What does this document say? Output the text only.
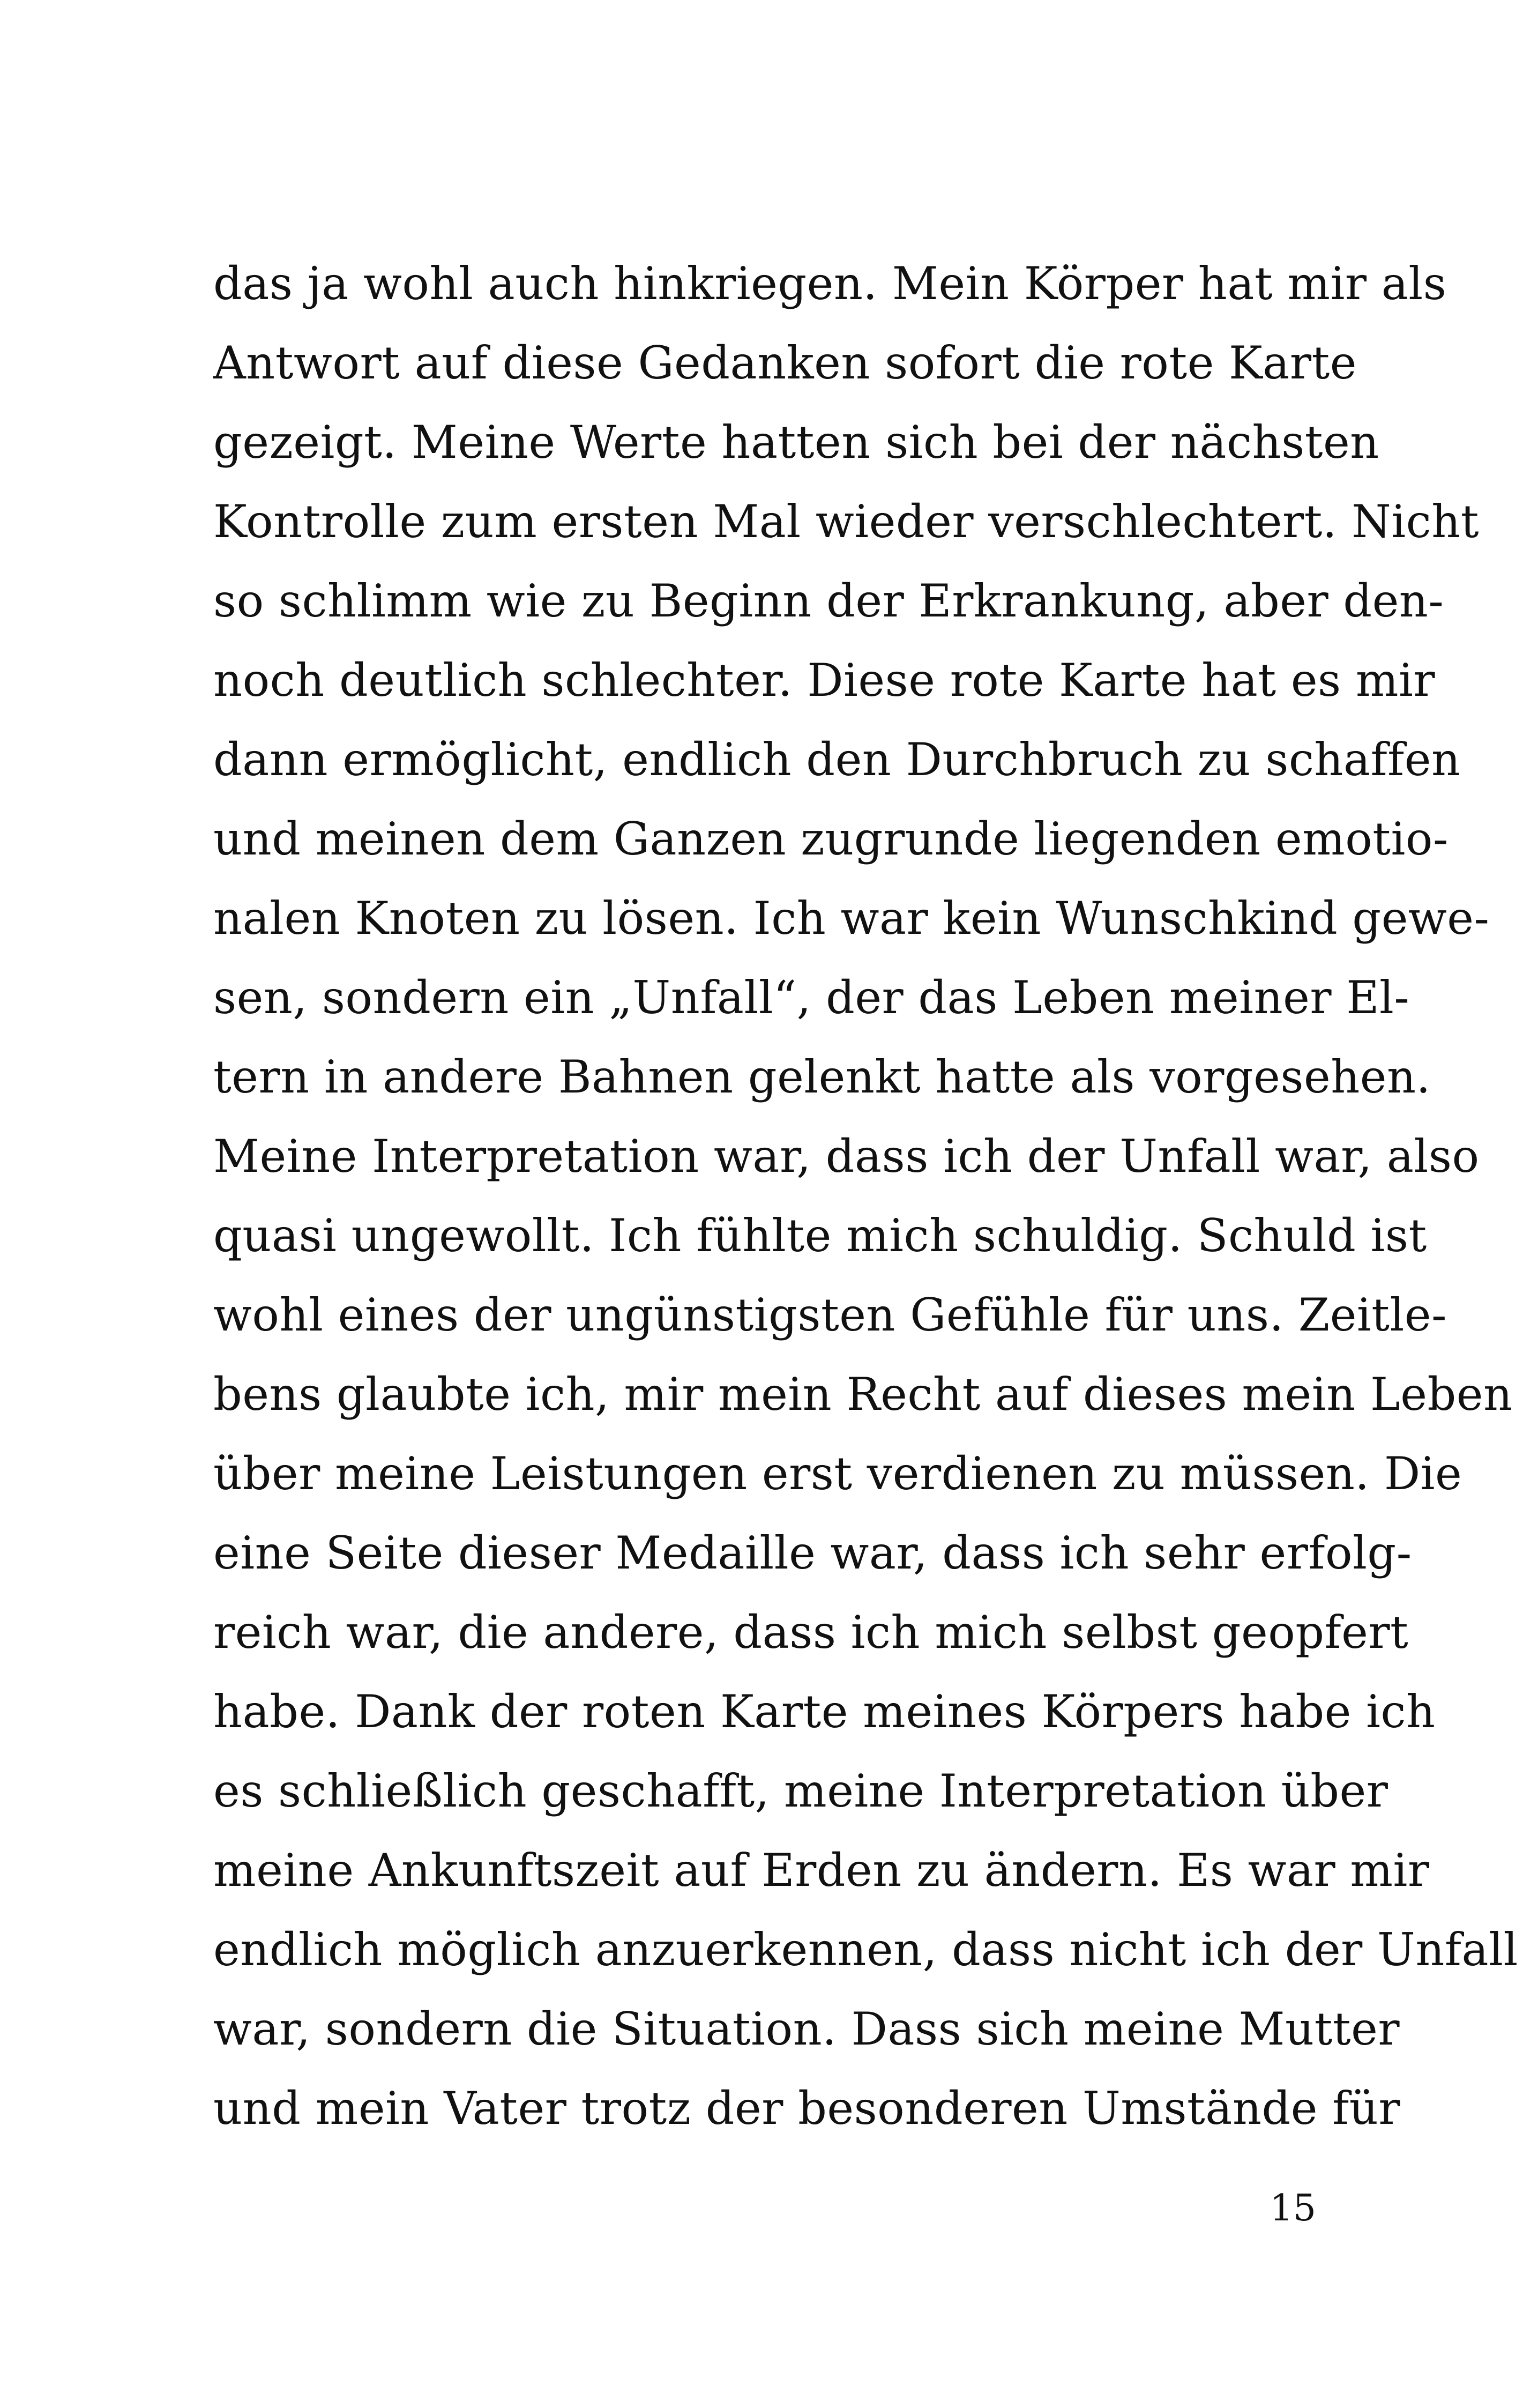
das ja wohl auch hinkriegen. Mein Körper hat mir als
Antwort auf diese Gedanken sofort die rote Karte
gezeigt. Meine Werte hatten sich bei der nächsten
Kontrolle zum ersten Mal wieder verschlechtert. Nicht
so schlimm wie zu Beginn der Erkrankung, aber den-
noch deutlich schlechter. Diese rote Karte hat es mir
dann ermöglicht, endlich den Durchbruch zu schaffen
und meinen dem Ganzen zugrunde liegenden emotio-
nalen Knoten zu lösen. Ich war kein Wunschkind gewe-
sen, sondern ein „Unfall“, der das Leben meiner El-
tern in andere Bahnen gelenkt hatte als vorgesehen.
Meine Interpretation war, dass ich der Unfall war, also
quasi ungewollt. Ich fühlte mich schuldig. Schuld ist
wohl eines der ungünstigsten Gefühle für uns. Zeitle-
bens glaubte ich, mir mein Recht auf dieses mein Leben
über meine Leistungen erst verdienen zu müssen. Die
eine Seite dieser Medaille war, dass ich sehr erfolg-
reich war, die andere, dass ich mich selbst geopfert
habe. Dank der roten Karte meines Körpers habe ich
es schließlich geschafft, meine Interpretation über
meine Ankunftszeit auf Erden zu ändern. Es war mir
endlich möglich anzuerkennen, dass nicht ich der Unfall
war, sondern die Situation. Dass sich meine Mutter
und mein Vater trotz der besonderen Umstände für

15
